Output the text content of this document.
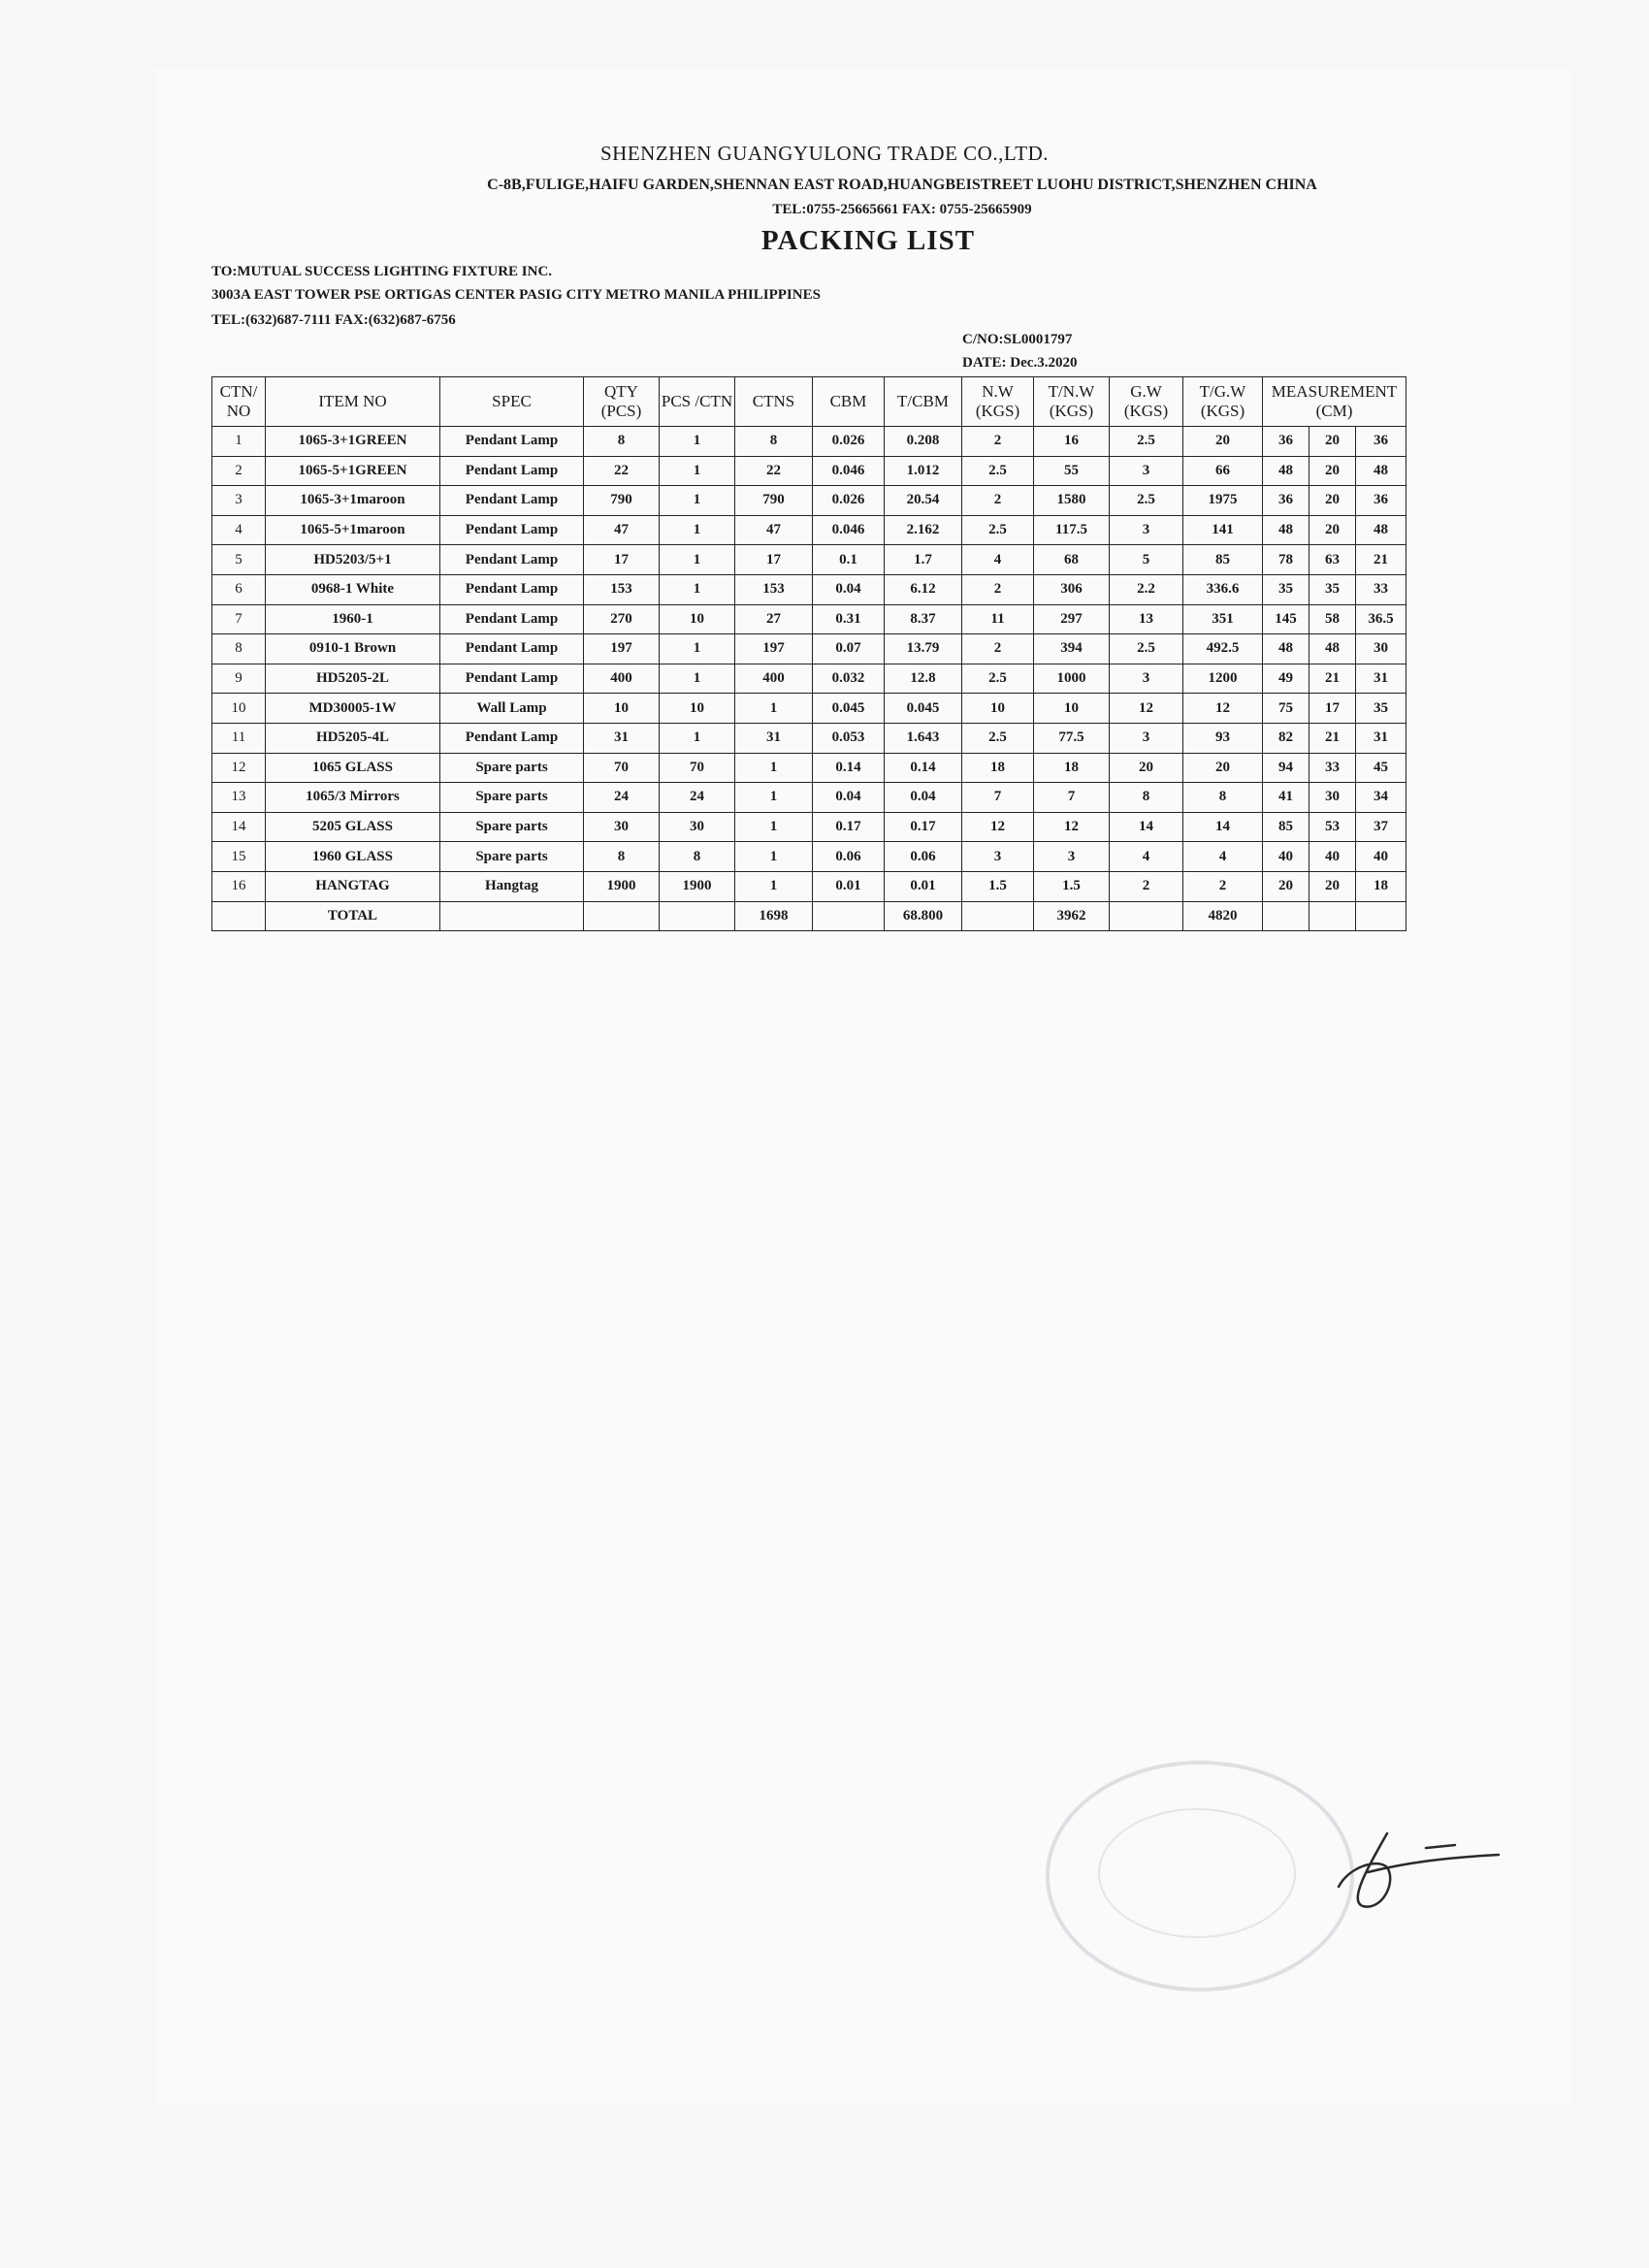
SHENZHEN GUANGYULONG TRADE CO.,LTD.
C-8B,FULIGE,HAIFU GARDEN,SHENNAN EAST ROAD,HUANGBEISTREET LUOHU DISTRICT,SHENZHEN CHINA
TEL:0755-25665661 FAX: 0755-25665909
PACKING LIST
TO:MUTUAL SUCCESS LIGHTING FIXTURE INC.
3003A EAST TOWER PSE ORTIGAS CENTER PASIG CITY METRO MANILA PHILIPPINES
TEL:(632)687-7111 FAX:(632)687-6756
C/NO:SL0001797
DATE: Dec.3.2020
CTN/ NO	ITEM NO	SPEC	QTY (PCS)	PCS /CTN	CTNS	CBM	T/CBM	N.W (KGS)	T/N.W (KGS)	G.W (KGS)	T/G.W (KGS)	MEASUREMENT (CM)		
1	1065-3+1GREEN	Pendant Lamp	8	1	8	0.026	0.208	2	16	2.5	20	36	20	36
2	1065-5+1GREEN	Pendant Lamp	22	1	22	0.046	1.012	2.5	55	3	66	48	20	48
3	1065-3+1maroon	Pendant Lamp	790	1	790	0.026	20.54	2	1580	2.5	1975	36	20	36
4	1065-5+1maroon	Pendant Lamp	47	1	47	0.046	2.162	2.5	117.5	3	141	48	20	48
5	HD5203/5+1	Pendant Lamp	17	1	17	0.1	1.7	4	68	5	85	78	63	21
6	0968-1 White	Pendant Lamp	153	1	153	0.04	6.12	2	306	2.2	336.6	35	35	33
7	1960-1	Pendant Lamp	270	10	27	0.31	8.37	11	297	13	351	145	58	36.5
8	0910-1 Brown	Pendant Lamp	197	1	197	0.07	13.79	2	394	2.5	492.5	48	48	30
9	HD5205-2L	Pendant Lamp	400	1	400	0.032	12.8	2.5	1000	3	1200	49	21	31
10	MD30005-1W	Wall Lamp	10	10	1	0.045	0.045	10	10	12	12	75	17	35
11	HD5205-4L	Pendant Lamp	31	1	31	0.053	1.643	2.5	77.5	3	93	82	21	31
12	1065 GLASS	Spare parts	70	70	1	0.14	0.14	18	18	20	20	94	33	45
13	1065/3 Mirrors	Spare parts	24	24	1	0.04	0.04	7	7	8	8	41	30	34
14	5205 GLASS	Spare parts	30	30	1	0.17	0.17	12	12	14	14	85	53	37
15	1960 GLASS	Spare parts	8	8	1	0.06	0.06	3	3	4	4	40	40	40
16	HANGTAG	Hangtag	1900	1900	1	0.01	0.01	1.5	1.5	2	2	20	20	18
	TOTAL				1698		68.800		3962		4820			
